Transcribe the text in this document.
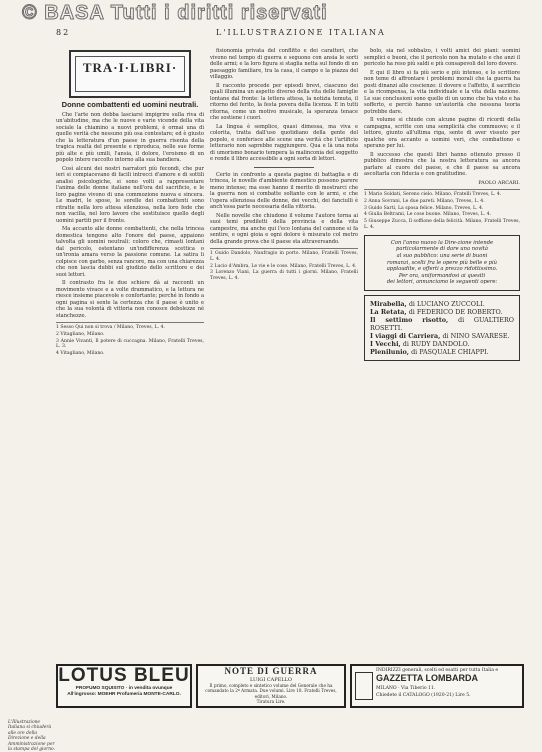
© BASA Tutti i diritti riservati
82	L'ILLUSTRAZIONE ITALIANA
TRA·I·LIBRI·
Donne combattenti ed uomini neutrali.

Che l'arte non debba lasciarsi impigrire sulla riva di un'abitudine, ma che le nuove e varie vicende della vita sociale la chiamino a nuovi problemi, è ormai una di quelle verità che nessuno più osa contestare; ed è giusto che la letteratura d'un paese in guerra risenta della tragica realtà del presente e riproduca, nelle sue forme più alte e più umili, l'ansia, il dolore, l'eroismo di un popolo intero raccolto intorno alla sua bandiera.

Così alcuni dei nostri narratori più fecondi, che pur ieri si compiacevano di facili intrecci d'amore e di sottili analisi psicologiche, si sono volti a rappresentare l'anima delle donne italiane nell'ora del sacrificio, e le loro pagine vivono di una commozione nuova e sincera. Le madri, le spose, le sorelle dei combattenti sono ritratte nella loro attesa silenziosa, nella loro fede che non vacilla, nel loro lavoro che sostituisce quello degli uomini partiti per il fronte.

Ma accanto alle donne combattenti, che nella trincea domestica tengono alto l'onore del paese, appaiono talvolta gli uomini neutrali: coloro che, rimasti lontani dal pericolo, ostentano un'indifferenza scettica o un'ironia amara verso la passione comune. La satira li colpisce con garbo, senza rancore, ma con una chiarezza che non lascia dubbi sul giudizio dello scrittore e dei suoi lettori.

Il contrasto fra le due schiere dà ai racconti un movimento vivace e a volte drammatico, e la lettura ne riesce insieme piacevole e confortante; perché in fondo a ogni pagina si sente la certezza che il paese è unito e che la sua volontà di vittoria non conosce debolezze né stanchezze.

1 Sesso Qui non si trova / Milano, Treves, L. 4.
2 Vitagliano, Milano.
3 Annie Vivanti, Il potere di cuccagna. Milano, Fratelli Treves, L. 3.
4 Vitagliano, Milano.

fisionomia privata del conflitto e dei caratteri, che vivono nel tempo di guerra e seguono con ansia le sorti delle armi; e la loro figura si staglia netta sul fondo di un paesaggio familiare, tra la casa, il campo e la piazza del villaggio.

Il racconto procede per episodi brevi, ciascuno dei quali illumina un aspetto diverso della vita delle famiglie lontane dal fronte: la lettera attesa, la notizia temuta, il ritorno del ferito, la festa povera della licenza. E in tutti ritorna, come un motivo musicale, la speranza tenace che sostiene i cuori.

La lingua è semplice, quasi dimessa, ma viva e colorita, tratta dall'uso quotidiano della gente del popolo, e conferisce alle scene una verità che l'artificio letterario non saprebbe raggiungere. Qua e là una nota di umorismo bonario tempera la malinconia del soggetto e rende il libro accessibile a ogni sorta di lettori.

Certo in confronto a questa pagine di battaglia e di trincea, le novelle d'ambiente domestico possono parere meno intense; ma esse hanno il merito di mostrarci che la guerra non si combatte soltanto con le armi, e che l'opera silenziosa delle donne, dei vecchi, dei fanciulli è anch'essa parte necessaria della vittoria.

Nelle novelle che chiudono il volume l'autore torna ai suoi temi prediletti della provincia e della vita campestre, ma anche qui l'eco lontana del cannone si fa sentire, e ogni gioia e ogni dolore è misurato col metro della grande prova che il paese sta attraversando.

1 Guido Dandolo, Naufragio in porto. Milano, Fratelli Treves, L. 4.
2 Lucio d'Ambra, Le vie e le cose. Milano, Fratelli Treves, L. 4.
3 Lorenzo Viani, La guerra di tutti i giorni. Milano, Fratelli Treves, L. 4.

bolo, sia nel sobbalzo, i volti amici dei piani: uomini semplici e buoni, che il pericolo non ha mutato e che anzi il pericolo ha reso più saldi e più consapevoli del loro dovere.

E qui il libro si fa più serio e più intenso, e lo scrittore non teme di affrontare i problemi morali che la guerra ha posti dinanzi alle coscienze: il dovere e l'affetto, il sacrificio e la ricompensa, la vita individuale e la vita della nazione. Le sue conclusioni sono quelle di un uomo che ha visto e ha sofferto, e perciò hanno un'autorità che nessuna teoria potrebbe dare.

Il volume si chiude con alcune pagine di ricordi della campagna, scritte con una semplicità che commuove; e il lettore, giunto all'ultima riga, sente di aver vissuto per qualche ora accanto a uomini veri, che combattono e sperano per lui.

Il successo che questi libri hanno ottenuto presso il pubblico dimostra che la nostra letteratura sa ancora parlare al cuore del paese, e che il paese sa ancora ascoltarla con fiducia e con gratitudine.

PAOLO ARCARI.
1 Mario Soldati, Sereno cielo. Milano, Fratelli Treves, L. 4.
2 Anna Sovrani, Le due pareti. Milano, Treves, L. 4.
3 Guido Sarti, La sposa felice. Milano, Treves, L. 4.
4 Giulia Beltrami, Le cose buone. Milano, Treves, L. 4.
5 Giuseppe Zucca, Il soffione della felicità. Milano, Fratelli Treves, L. 4.
Con l'anno nuovo la Dire-zione intende
particolarmente di dare una novità
al suo pubblico: una serie di buoni
romanzi, scelti fra le opere più belle e più
applaudite, e offerti a prezzo ridottissimo.
Per ora, uniformandosi ai quesiti
dei lettori, annunciamo le seguenti opere:
Mirabella, di LUCIANO ZUCCOLI.
La Retata, di FEDERICO DE ROBERTO.
Il settimo risotto, di GUALTIERO ROSETTI.
I viaggi di Carriera, di NINO SAVARESE.
I Vecchi, di RUDY DANDOLO.
Plenilunio, di PASQUALE CHIAPPI.
LOTUS BLEU
PROFUMO SQUISITO · in vendita ovunque
All'ingrosso: MOEHR Profumeria MONTE-CARLO.
NOTE DI GUERRA
LUIGI CAPELLO
Il primo, completo e sintetico volume del Generale che ha comandato la 2ª Armata. Due volumi. Lire 18. Fratelli Treves, editori, Milano.
Tiratura Lire.
INDIRIZZI generali, scelti ed esatti per tutta Italia e
GAZZETTA LOMBARDA
MILANO · Via Tiberio 11.
Chiedete il CATALOGO (1920-21) Lire 5.
L'Illustrazione Italiana si chiuderà alle ore della Direzione e della Amministrazione per la stampa del giorno.
